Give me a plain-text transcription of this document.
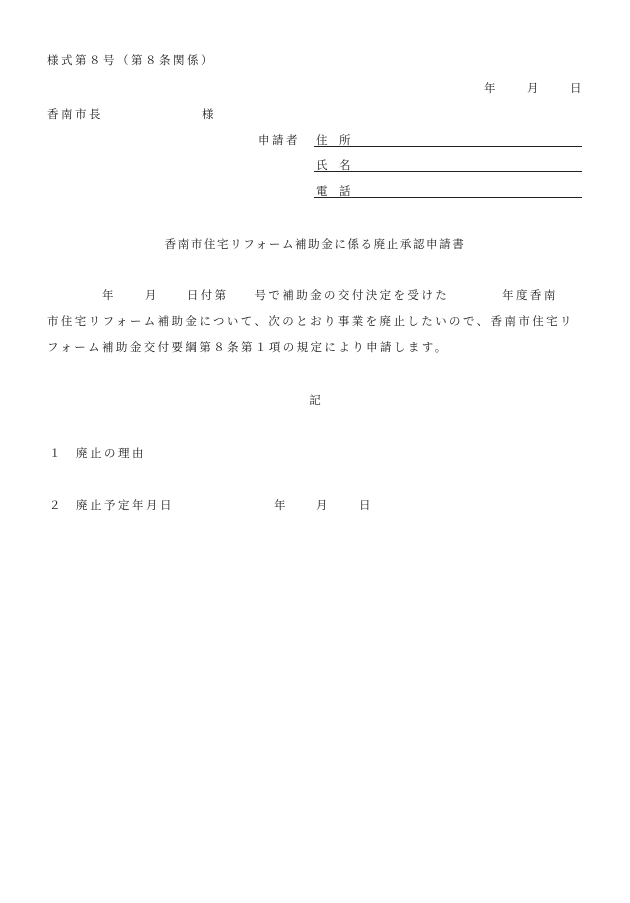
様式第８号（第８条関係）
年	月	日
香南市長	様
申請者 住　所
氏　名
電　話
香南市住宅リフォーム補助金に係る廃止承認申請書
年	月 日付第 号で補助金の交付決定を受けた	年度香南
市住宅リフォーム補助金について、次のとおり事業を廃止したいので、香南市住宅リ
フォーム補助金交付要綱第８条第１項の規定により申請します。
記
１ 廃止の理由
２ 廃止予定年月日	年	月	日
